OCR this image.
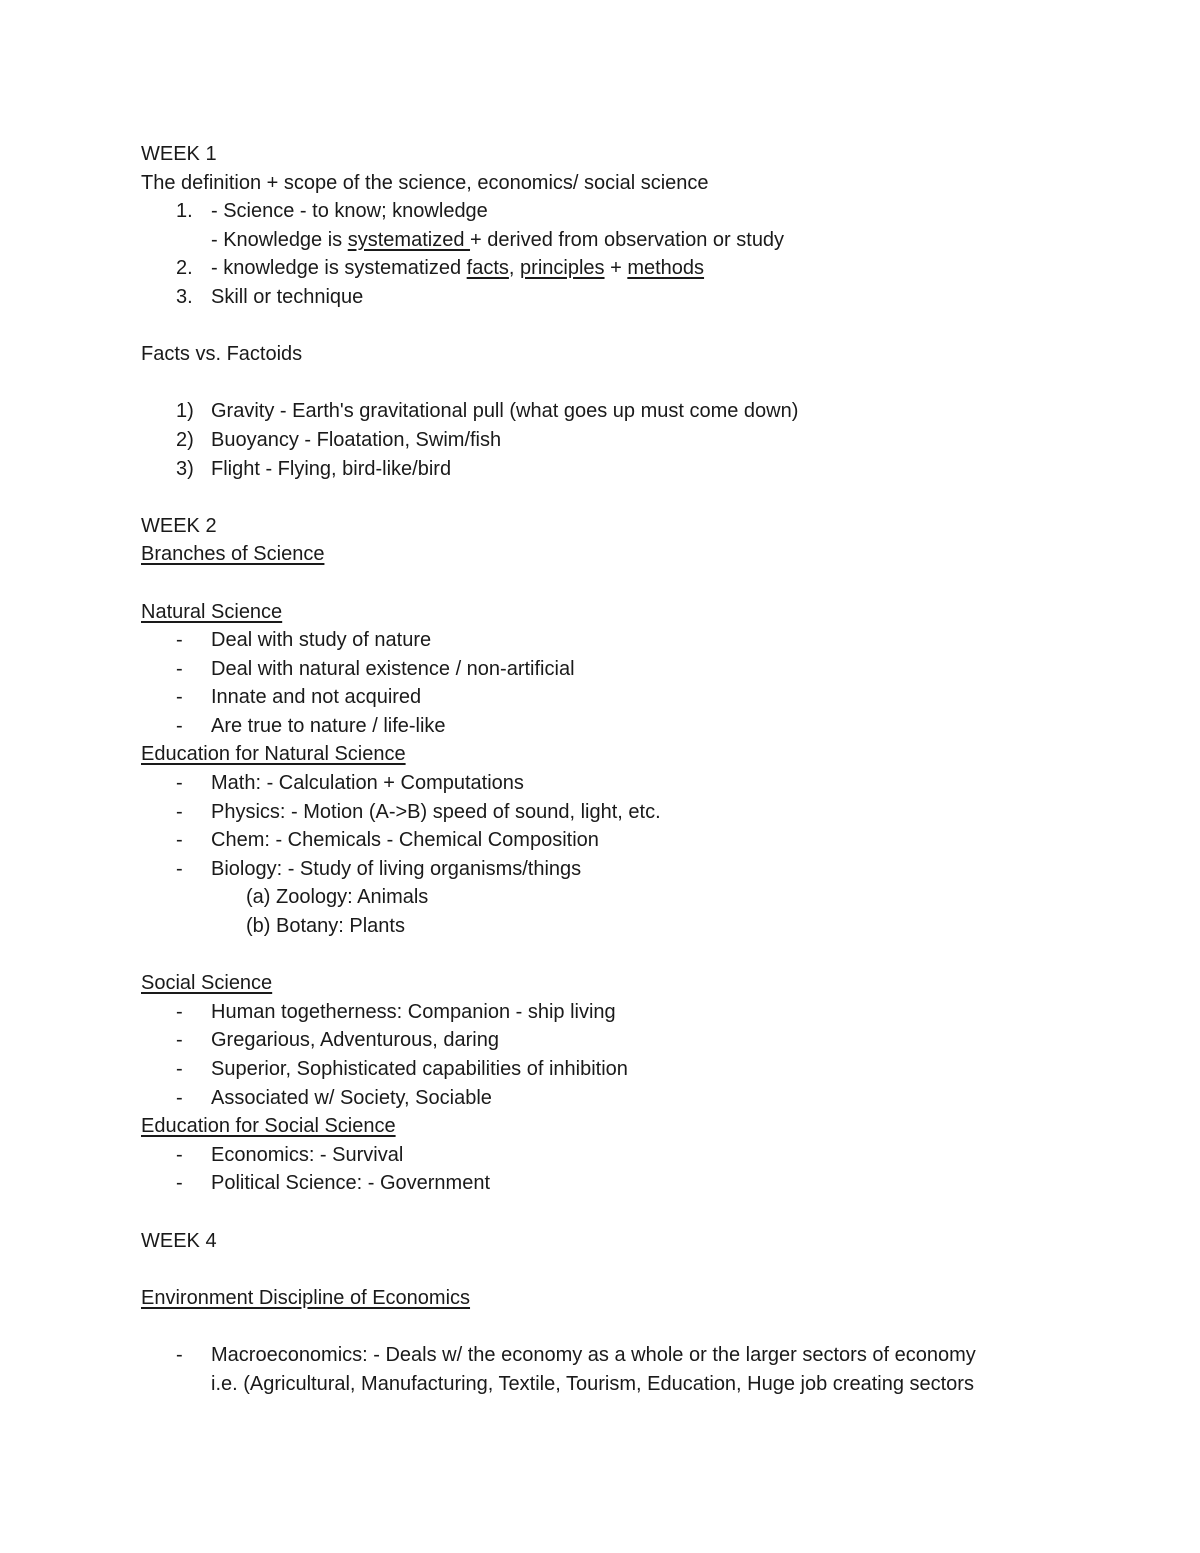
WEEK 1
The definition + scope of the science, economics/ social science
1. - Science - to know; knowledge
- Knowledge is systematized + derived from observation or study
2. - knowledge is systematized facts, principles + methods
3. Skill or technique
Facts vs. Factoids
1) Gravity - Earth's gravitational pull (what goes up must come down)
2) Buoyancy - Floatation, Swim/fish
3) Flight - Flying, bird-like/bird
WEEK 2
Branches of Science
Natural Science
- Deal with study of nature
- Deal with natural existence / non-artificial
- Innate and not acquired
- Are true to nature / life-like
Education for Natural Science
- Math: - Calculation + Computations
- Physics: - Motion (A->B) speed of sound, light, etc.
- Chem: - Chemicals - Chemical Composition
- Biology: - Study of living organisms/things
(a) Zoology: Animals
(b) Botany: Plants
Social Science
- Human togetherness: Companion - ship living
- Gregarious, Adventurous, daring
- Superior, Sophisticated capabilities of inhibition
- Associated w/ Society, Sociable
Education for Social Science
- Economics: - Survival
- Political Science: - Government
WEEK 4
Environment Discipline of Economics
- Macroeconomics: - Deals w/ the economy as a whole or the larger sectors of economy
i.e. (Agricultural, Manufacturing, Textile, Tourism, Education, Huge job creating sectors
